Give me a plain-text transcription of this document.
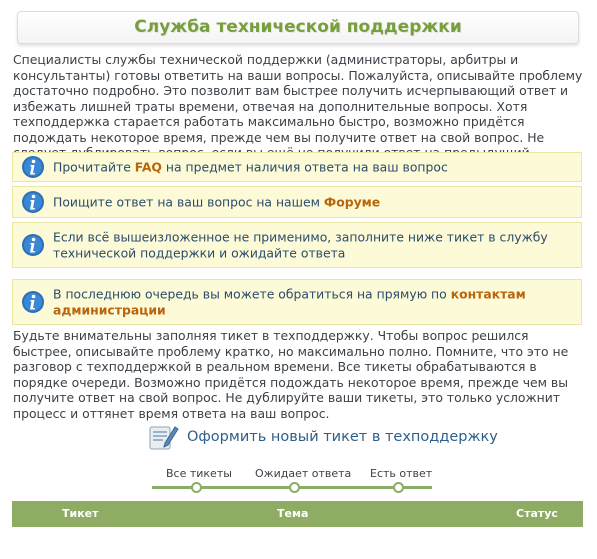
Служба технической поддержки

Специалисты службы технической поддержки (администраторы, арбитры и консультанты) готовы ответить на ваши вопросы. Пожалуйста, описывайте проблему достаточно подробно. Это позволит вам быстрее получить исчерпывающий ответ и избежать лишней траты времени, отвечая на дополнительные вопросы. Хотя техподдержка старается работать максимально быстро, возможно придётся подождать некоторое время, прежде чем вы получите ответ на свой вопрос. Не

Прочитайте FAQ на предмет наличия ответа на ваш вопрос
Поищите ответ на ваш вопрос на нашем Форуме
Если всё вышеизложенное не применимо, заполните ниже тикет в службу технической поддержки и ожидайте ответа
В последнюю очередь вы можете обратиться на прямую по контактам администрации

Будьте внимательны заполняя тикет в техподдержку. Чтобы вопрос решился быстрее, описывайте проблему кратко, но максимально полно. Помните, что это не разговор с техподдержкой в реальном времени. Все тикеты обрабатываются в порядке очереди. Возможно придётся подождать некоторое время, прежде чем вы получите ответ на свой вопрос. Не дублируйте ваши тикеты, это только усложнит процесс и оттянет время ответа на ваш вопрос.

Оформить новый тикет в техподдержку
Все тикеты Ожидает ответа Есть ответ
Тикет	Тема	Статус
